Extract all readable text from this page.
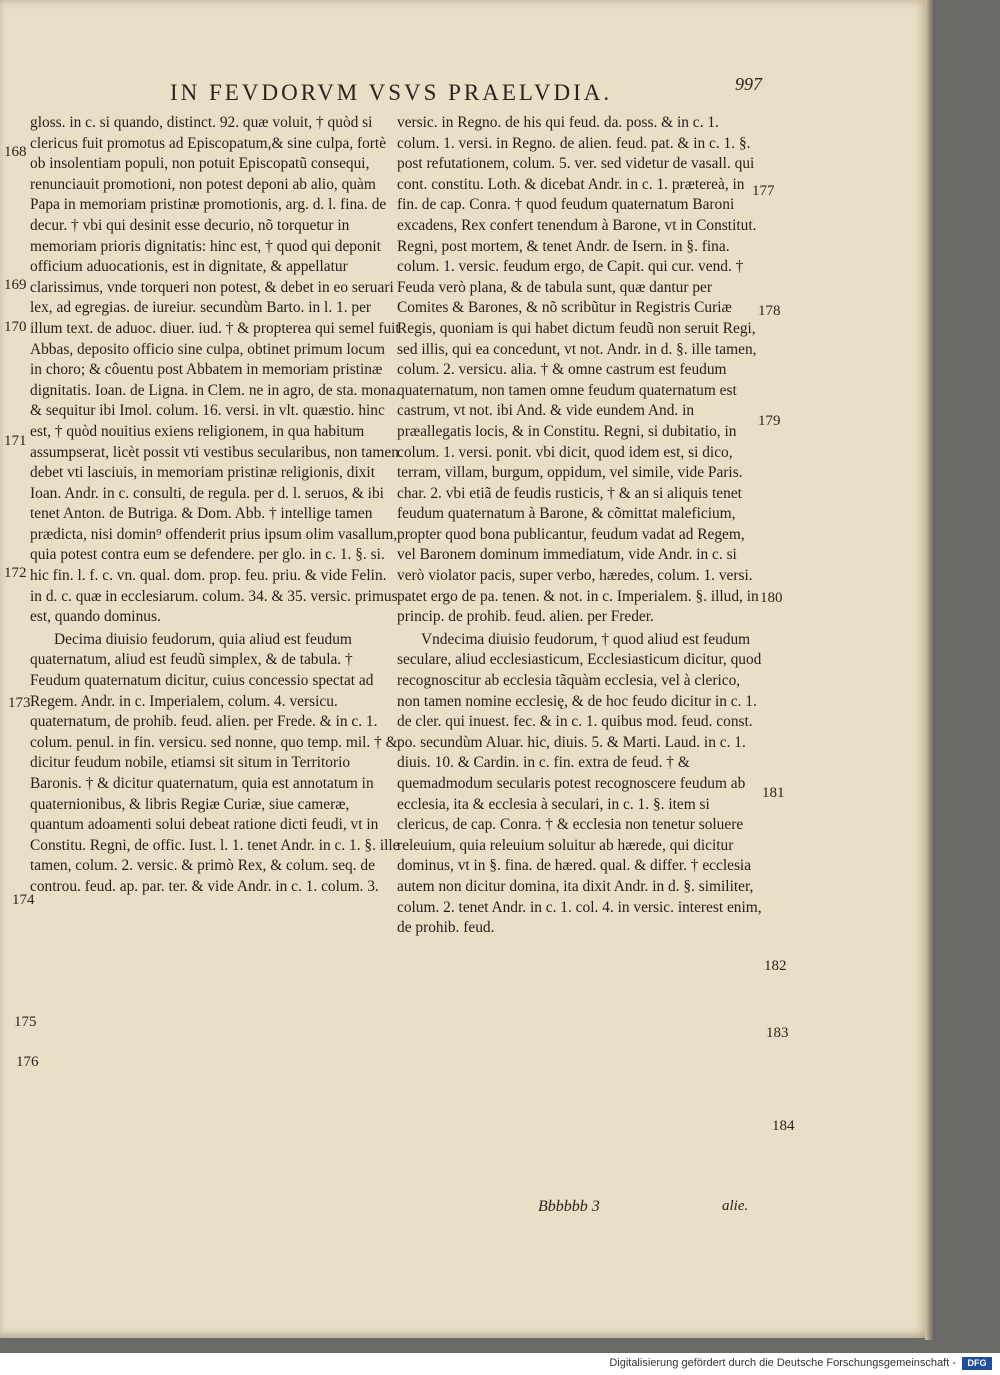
IN FEVDORVM VSVS PRAELVDIA.	997

gloss. in c. si quando, distinct. 92. quæ voluit, † quòd si clericus fuit promotus ad Episcopatum,& sine culpa, fortè ob insolentiam populi, non potuit Episcopatũ consequi, renunciauit promotioni, non potest deponi ab alio, quàm Papa in memoriam pristinæ promotionis, arg. d. l. fina. de decur. † vbi qui desinit esse decurio, nõ torquetur in memoriam prioris dignitatis: hinc est, † quod qui deponit officium aduocationis, est in dignitate, & appellatur clarissimus, vnde torqueri non potest, & debet in eo seruari lex, ad egregias. de iureiur. secundùm Barto. in l. 1. per illum text. de aduoc. diuer. iud. † & propterea qui semel fuit Abbas, deposito officio sine culpa, obtinet primum locum in choro; & côuentu post Abbatem in memoriam pristinæ dignitatis. Ioan. de Ligna. in Clem. ne in agro, de sta. mona. & sequitur ibi Imol. colum. 16. versi. in vlt. quæstio. hinc est, † quòd nouitius exiens religionem, in qua habitum assumpserat, licèt possit vti vestibus secularibus, non tamen debet vti lasciuis, in memoriam pristinæ religionis, dixit Ioan. Andr. in c. consulti, de regula. per d. l. seruos, & ibi tenet Anton. de Butriga. & Dom. Abb. † intellige tamen prædicta, nisi domin⁹ offenderit prius ipsum olim vasallum, quia potest contra eum se defendere. per glo. in c. 1. §. si. hic fin. l. f. c. vn. qual. dom. prop. feu. priu. & vide Felin. in d. c. quæ in ecclesiarum. colum. 34. & 35. versic. primus est, quando dominus.

Decima diuisio feudorum, quia aliud est feudum quaternatum, aliud est feudũ simplex, & de tabula. † Feudum quaternatum dicitur, cuius concessio spectat ad Regem. Andr. in c. Imperialem, colum. 4. versicu. quaternatum, de prohib. feud. alien. per Frede. & in c. 1. colum. penul. in fin. versicu. sed nonne, quo temp. mil. † & dicitur feudum nobile, etiamsi sit situm in Territorio Baronis. † & dicitur quaternatum, quia est annotatum in quaternionibus, & libris Regiæ Curiæ, siue cameræ, quantum adoamenti solui debeat ratione dicti feudi, vt in Constitu. Regni, de offic. Iust. l. 1. tenet Andr. in c. 1. §. ille tamen, colum. 2. versic. & primò Rex, & colum. seq. de controu. feud. ap. par. ter. & vide Andr. in c. 1. colum. 3.

versic. in Regno. de his qui feud. da. poss. & in c. 1. colum. 1. versi. in Regno. de alien. feud. pat. & in c. 1. §. post refutationem, colum. 5. ver. sed videtur de vasall. qui cont. constitu. Loth. & dicebat Andr. in c. 1. prætereà, in fin. de cap. Conra. † quod feudum quaternatum Baroni excadens, Rex confert tenendum à Barone, vt in Constitut. Regni, post mortem, & tenet Andr. de Isern. in §. fina. colum. 1. versic. feudum ergo, de Capit. qui cur. vend. † Feuda verò plana, & de tabula sunt, quæ dantur per Comites & Barones, & nõ scribũtur in Registris Curiæ Regis, quoniam is qui habet dictum feudũ non seruit Regi, sed illis, qui ea concedunt, vt not. Andr. in d. §. ille tamen, colum. 2. versicu. alia. † & omne castrum est feudum quaternatum, non tamen omne feudum quaternatum est castrum, vt not. ibi And. & vide eundem And. in præallegatis locis, & in Constitu. Regni, si dubitatio, in colum. 1. versi. ponit. vbi dicit, quod idem est, si dico, terram, villam, burgum, oppidum, vel simile, vide Paris. char. 2. vbi etiã de feudis rusticis, † & an si aliquis tenet feudum quaternatum à Barone, & cõmittat maleficium, propter quod bona publicantur, feudum vadat ad Regem, vel Baronem dominum immediatum, vide Andr. in c. si verò violator pacis, super verbo, hæredes, colum. 1. versi. patet ergo de pa. tenen. & not. in c. Imperialem. §. illud, in princip. de prohib. feud. alien. per Freder.

Vndecima diuisio feudorum, † quod aliud est feudum seculare, aliud ecclesiasticum, Ecclesiasticum dicitur, quod recognoscitur ab ecclesia tãquàm ecclesia, vel à clerico, non tamen nomine ecclesię, & de hoc feudo dicitur in c. 1. de cler. qui inuest. fec. & in c. 1. quibus mod. feud. const. po. secundùm Aluar. hic, diuis. 5. & Marti. Laud. in c. 1. diuis. 10. & Cardin. in c. fin. extra de feud. † & quemadmodum secularis potest recognoscere feudum ab ecclesia, ita & ecclesia à seculari, in c. 1. §. item si clericus, de cap. Conra. † & ecclesia non tenetur soluere releuium, quia releuium soluitur ab hærede, qui dicitur dominus, vt in §. fina. de hæred. qual. & differ. † ecclesia autem non dicitur domina, ita dixit Andr. in d. §. similiter, colum. 2. tenet Andr. in c. 1. col. 4. in versic. interest enim, de prohib. feud.

168
169
170
171
172
173
174
175
176
177
178
179
180
181
182
183
184
Bbbbbb 3	alie.
Digitalisierung gefördert durch die Deutsche Forschungsgemeinschaft -	DFG
